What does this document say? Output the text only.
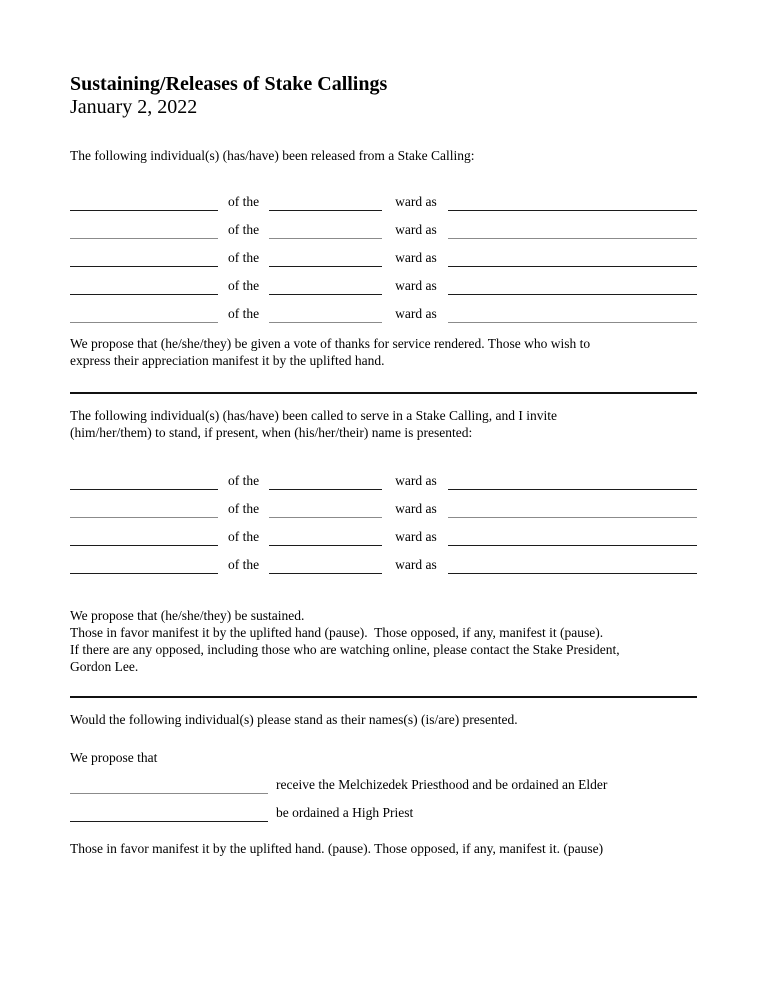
Sustaining/Releases of Stake Callings
January 2, 2022
The following individual(s) (has/have) been released from a Stake Calling:
of the	ward as
of the	ward as
of the	ward as
of the	ward as
of the	ward as
We propose that (he/she/they) be given a vote of thanks for service rendered. Those who wish to
express their appreciation manifest it by the uplifted hand.
The following individual(s) (has/have) been called to serve in a Stake Calling, and I invite
(him/her/them) to stand, if present, when (his/her/their) name is presented:
of the	ward as
of the	ward as
of the	ward as
of the	ward as
We propose that (he/she/they) be sustained.
Those in favor manifest it by the uplifted hand (pause).  Those opposed, if any, manifest it (pause).
If there are any opposed, including those who are watching online, please contact the Stake President,
Gordon Lee.
Would the following individual(s) please stand as their names(s) (is/are) presented.
We propose that
receive the Melchizedek Priesthood and be ordained an Elder
be ordained a High Priest
Those in favor manifest it by the uplifted hand. (pause). Those opposed, if any, manifest it. (pause)
